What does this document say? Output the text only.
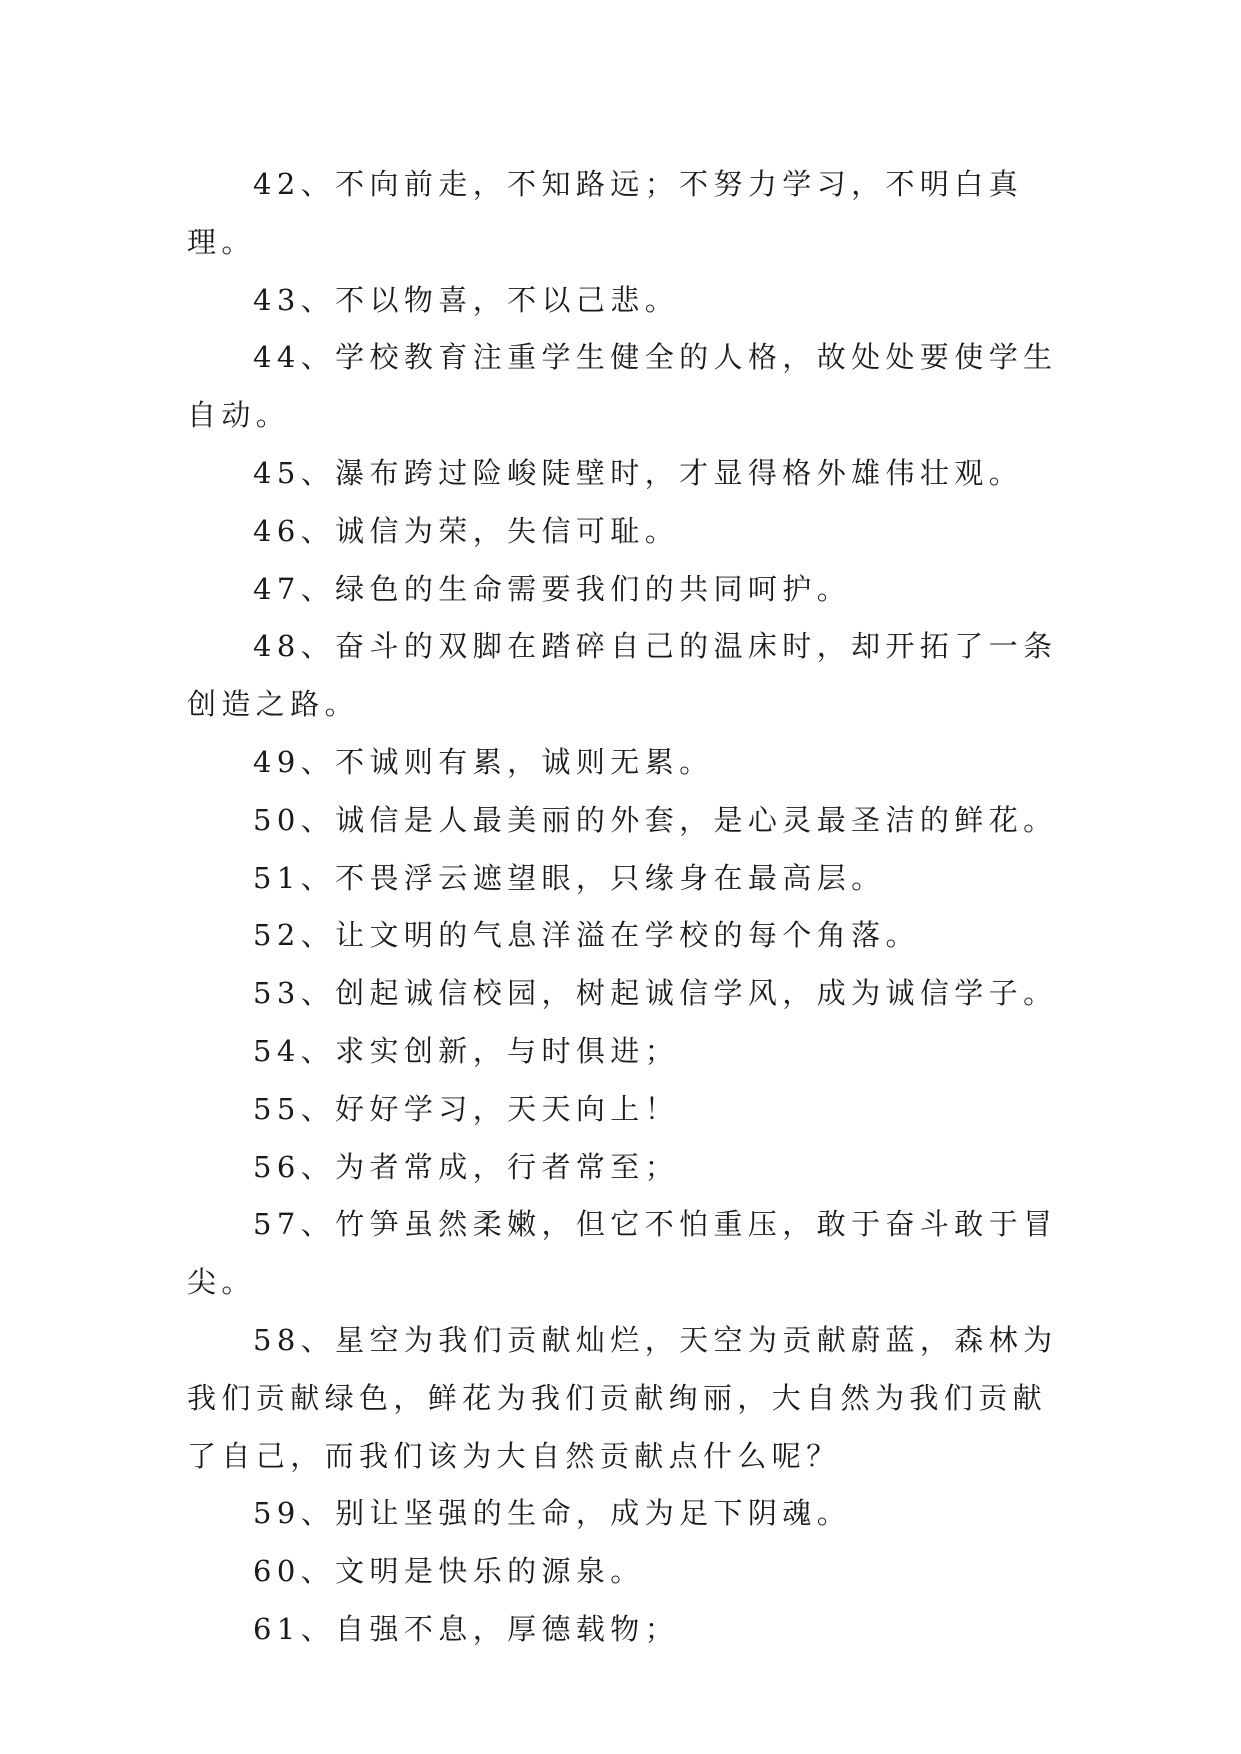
42、不向前走，不知路远；不努力学习，不明白真理。

43、不以物喜，不以己悲。

44、学校教育注重学生健全的人格，故处处要使学生自动。

45、瀑布跨过险峻陡壁时，才显得格外雄伟壮观。

46、诚信为荣，失信可耻。

47、绿色的生命需要我们的共同呵护。

48、奋斗的双脚在踏碎自己的温床时，却开拓了一条创造之路。

49、不诚则有累，诚则无累。

50、诚信是人最美丽的外套，是心灵最圣洁的鲜花。

51、不畏浮云遮望眼，只缘身在最高层。

52、让文明的气息洋溢在学校的每个角落。

53、创起诚信校园，树起诚信学风，成为诚信学子。

54、求实创新，与时俱进；

55、好好学习，天天向上！

56、为者常成，行者常至；

57、竹笋虽然柔嫩，但它不怕重压，敢于奋斗敢于冒尖。

58、星空为我们贡献灿烂，天空为贡献蔚蓝，森林为我们贡献绿色，鲜花为我们贡献绚丽，大自然为我们贡献了自己，而我们该为大自然贡献点什么呢？

59、别让坚强的生命，成为足下阴魂。

60、文明是快乐的源泉。

61、自强不息，厚德载物；
